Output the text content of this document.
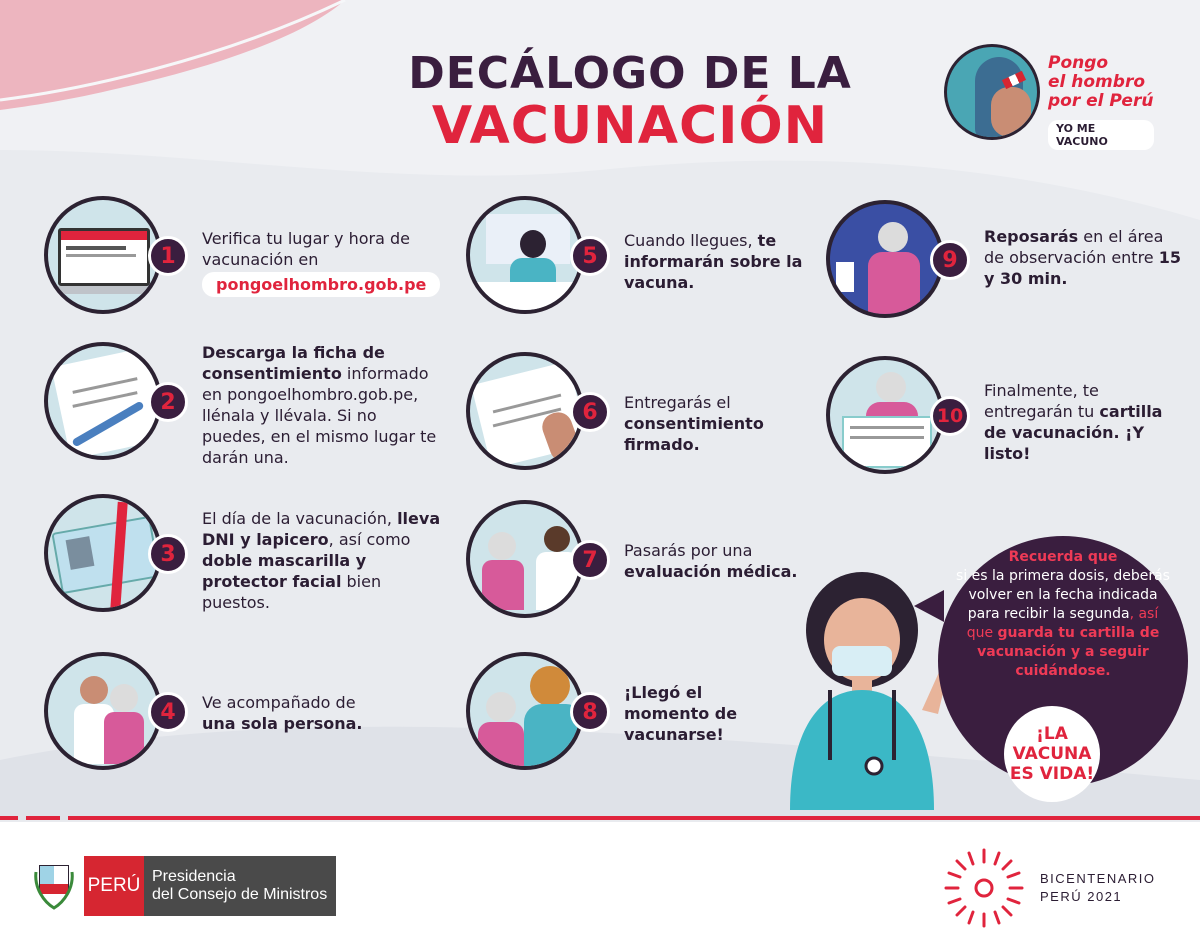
DECÁLOGO DE LA
VACUNACIÓN
Pongo
el hombro
por el Perú
YO ME VACUNO
1
Verifica tu lugar y hora de vacunación en
pongoelhombro.gob.pe
2
Descarga la ficha de consentimiento informado en pongoelhombro.gob.pe, llénala y llévala. Si no puedes, en el mismo lugar te darán una.
3
El día de la vacunación, lleva DNI y lapicero, así como doble mascarilla y protector facial bien puestos.
4	Ve acompañado de
una sola persona.
5
Cuando llegues, te informarán sobre la vacuna.
6	Entregarás el consentimiento firmado.
7	Pasarás por una evaluación médica.
8
¡Llegó el momento de vacunarse!
9
Reposarás en el área de observación entre 15 y 30 min.
10
Finalmente, te entregarán tu cartilla de vacunación. ¡Y listo!
Recuerda que
si es la primera dosis, deberás volver en la fecha indicada para recibir la segunda, así que guarda tu cartilla de vacunación y a seguir cuidándose.
¡LA VACUNA ES VIDA!
PERÚ Presidencia
del Consejo de Ministros
BICENTENARIO
PERÚ 2021
